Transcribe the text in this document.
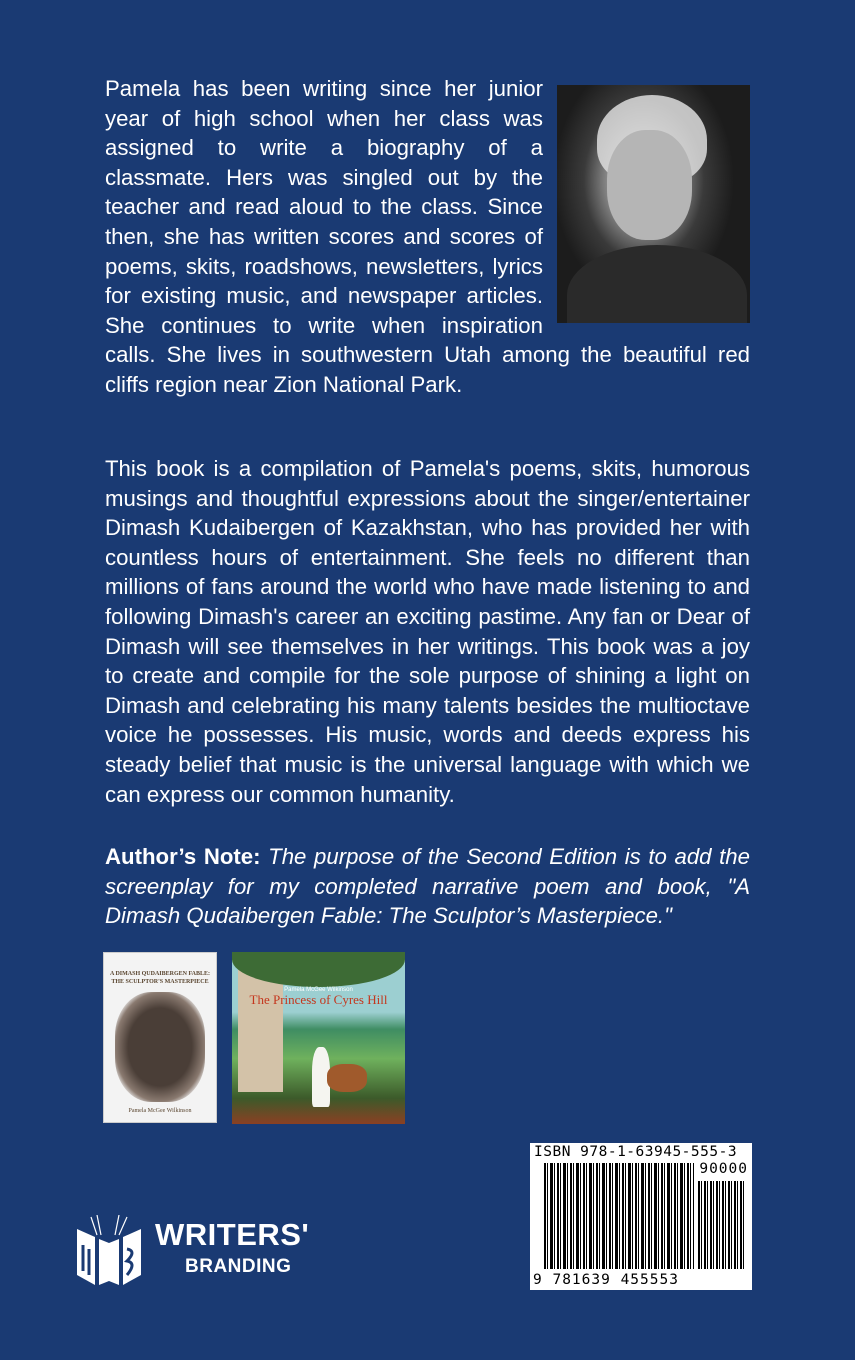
Pamela has been writing since her junior year of high school when her class was assigned to write a biography of a classmate. Hers was singled out by the teacher and read aloud to the class. Since then, she has written scores and scores of poems, skits, roadshows, newsletters, lyrics for existing music, and newspaper articles. She continues to write when inspiration calls. She lives in southwestern Utah among the beautiful red cliffs region near Zion National Park.
This book is a compilation of Pamela's poems, skits, humorous musings and thoughtful expressions about the singer/entertainer Dimash Kudaibergen of Kazakhstan, who has provided her with countless hours of entertainment. She feels no different than millions of fans around the world who have made listening to and following Dimash's career an exciting pastime. Any fan or Dear of Dimash will see themselves in her writings. This book was a joy to create and compile for the sole purpose of shining a light on Dimash and celebrating his many talents besides the multioctave voice he possesses. His music, words and deeds express his steady belief that music is the universal language with which we can express our common humanity.
Author’s Note: The purpose of the Second Edition is to add the screenplay for my completed narrative poem and book, "A Dimash Qudaibergen Fable: The Sculptor’s Masterpiece."
A DIMASH QUDAIBERGEN FABLE:
THE SCULPTOR'S MASTERPIECE
Pamela McGee Wilkinson
Pamela McGee Wilkinson
The Princess of Cyres Hill
ISBN 978-1-63945-555-3
90000
9 781639 455553
WRITERS'
BRANDING
